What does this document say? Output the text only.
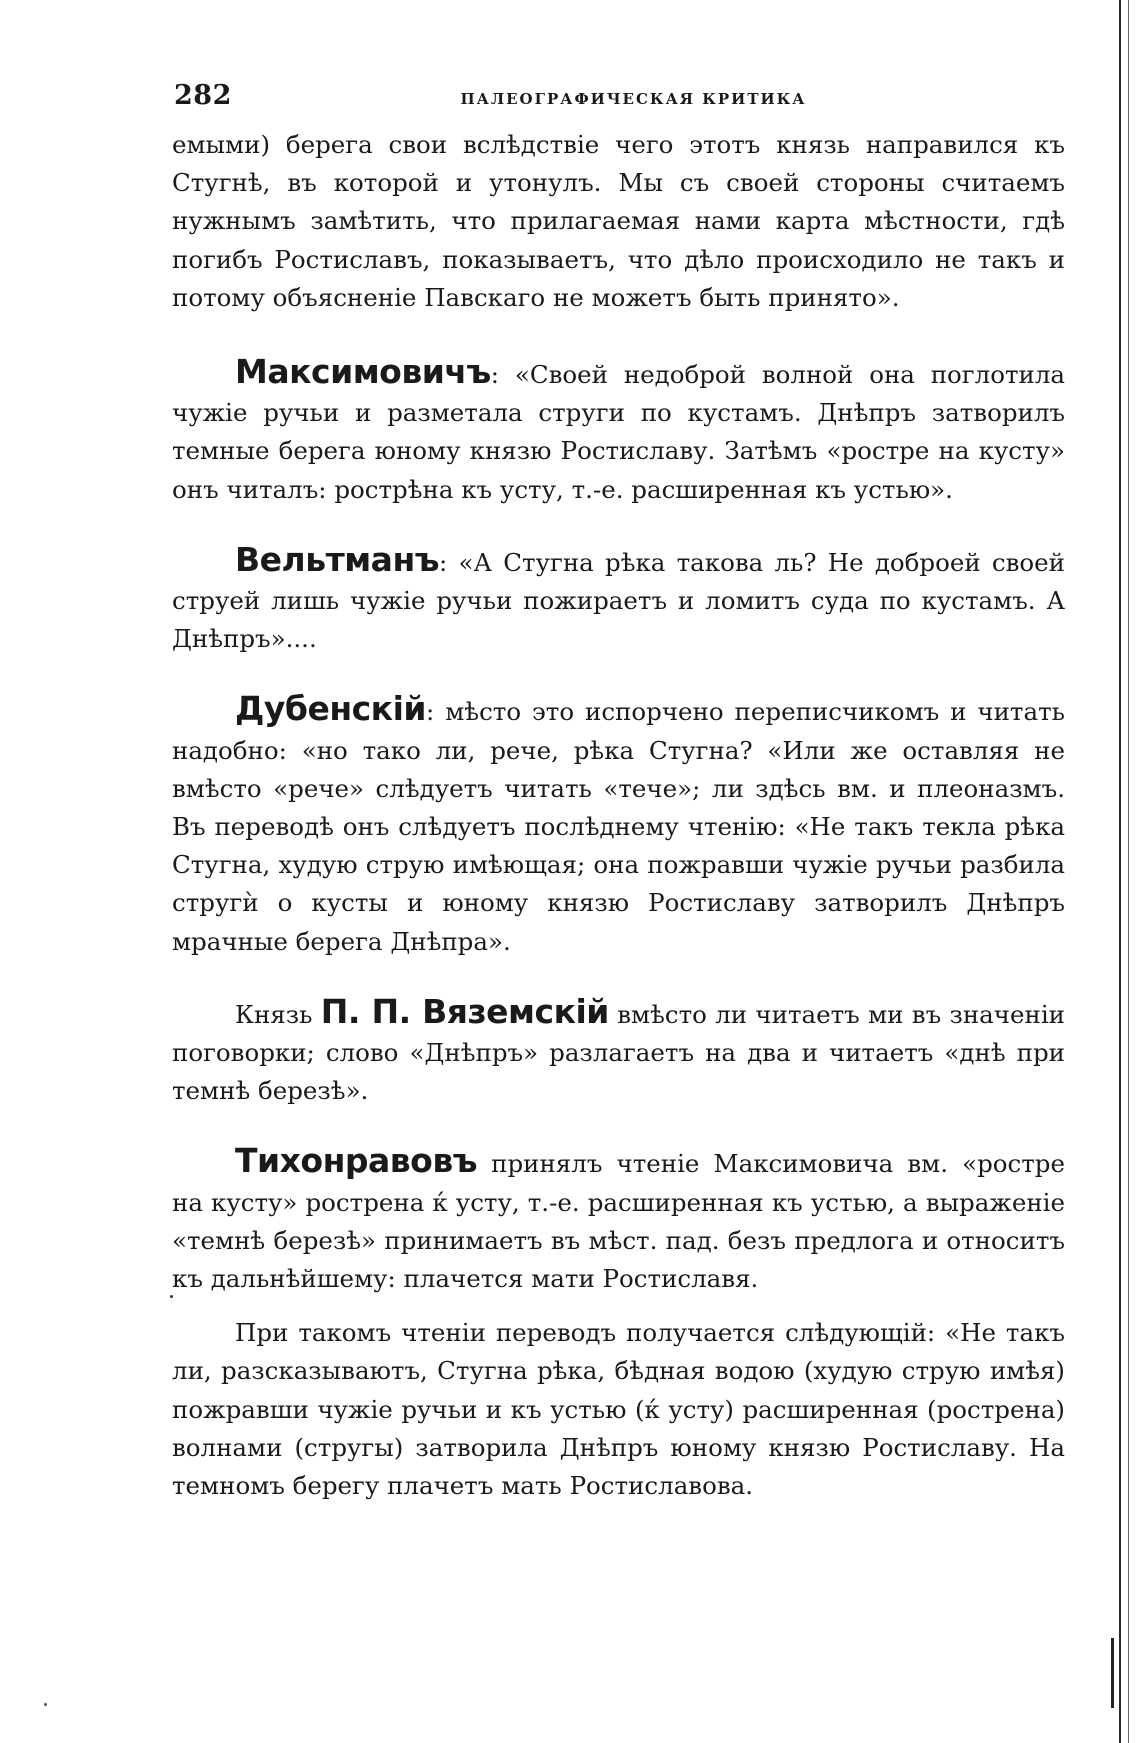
282	ПАЛЕОГРАФИЧЕСКАЯ КРИТИКА

емыми) берега свои вслѣдствіе чего этотъ князь направился къ Стугнѣ, въ которой и утонулъ. Мы съ своей стороны считаемъ нужнымъ замѣтить, что прилагаемая нами карта мѣстности, гдѣ погибъ Ростиславъ, показываетъ, что дѣло происходило не такъ и потому объясненіе Павскаго не можетъ быть принято».

Максимовичъ: «Своей недоброй волной она поглотила чужіе ручьи и разметала струги по кустамъ. Днѣпръ затворилъ темные берега юному князю Ростиславу. Затѣмъ «ростре на кусту» онъ читалъ: рострѣна къ усту, т.-е. расширенная къ устью».

Вельтманъ: «А Стугна рѣка такова ль? Не доброей своей струей лишь чужіе ручьи пожираетъ и ломитъ суда по кустамъ. А Днѣпръ»....

Дубенскій: мѣсто это испорчено переписчикомъ и читать надобно: «но тако ли, рече, рѣка Стугна? «Или же оставляя не вмѣсто «рече» слѣдуетъ читать «тече»; ли здѣсь вм. и плеоназмъ. Въ переводѣ онъ слѣдуетъ послѣднему чтенію: «Не такъ текла рѣка Стугна, худую струю имѣющая; она пожравши чужіе ручьи разбила стругѝ о кусты и юному князю Ростиславу затворилъ Днѣпръ мрачные берега Днѣпра».

Князь П. П. Вяземскій вмѣсто ли читаетъ ми въ значеніи поговорки; слово «Днѣпръ» разлагаетъ на два и читаетъ «днѣ при темнѣ березѣ».

Тихонравовъ принялъ чтеніе Максимовича вм. «ростре на кусту» рострена ќ усту, т.-е. расширенная къ устью, а выраженіе «темнѣ березѣ» принимаетъ въ мѣст. пад. безъ предлога и относитъ къ дальнѣйшему: плачется мати Ростиславя.

При такомъ чтеніи переводъ получается слѣдующій: «Не такъ ли, разсказываютъ, Стугна рѣка, бѣдная водою (худую струю имѣя) пожравши чужіе ручьи и къ устью (ќ усту) расширенная (рострена) волнами (стругы) затворила Днѣпръ юному князю Ростиславу. На темномъ берегу плачетъ мать Ростиславова.
